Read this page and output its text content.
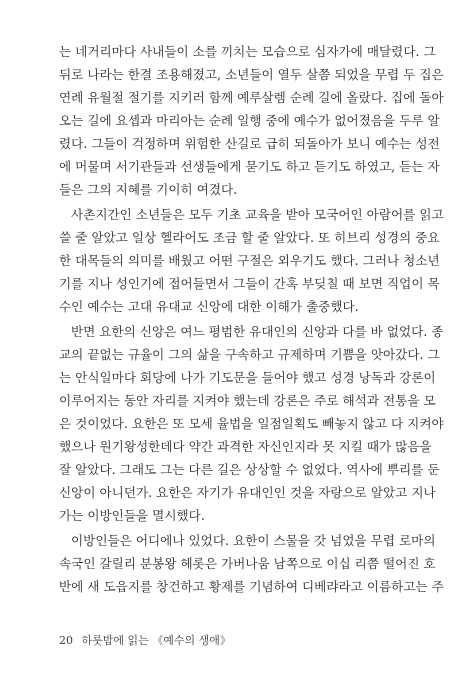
는 네거리마다 사내들이 소를 끼치는 모습으로 심자가에 매달렸다. 그
뒤로 나라는 한결 조용해졌고, 소년들이 열두 살쯤 되었을 무렵 두 집은
연례 유월절 절기를 지키러 함께 예루살렘 순례 길에 올랐다. 집에 돌아
오는 길에 요셉과 마리아는 순례 일행 중에 예수가 없어졌음을 두루 알
렸다. 그들이 걱정하며 위험한 산길로 급히 되돌아가 보니 예수는 성전
에 머물며 서기관들과 선생들에게 묻기도 하고 듣기도 하였고, 듣는 자
들은 그의 지혜를 기이히 여겼다.
사촌지간인 소년들은 모두 기초 교육을 받아 모국어인 아람어를 읽고
쓸 줄 알았고 일상 헬라어도 조금 할 줄 알았다. 또 히브리 성경의 중요
한 대목들의 의미를 배웠고 어떤 구절은 외우기도 했다. 그러나 청소년
기를 지나 성인기에 접어들면서 그들이 간혹 부딪칠 때 보면 직업이 목
수인 예수는 고대 유대교 신앙에 대한 이해가 출중했다.
반면 요한의 신앙은 여느 평범한 유대인의 신앙과 다를 바 없었다. 종
교의 끝없는 규율이 그의 삶을 구속하고 규제하며 기쁨을 앗아갔다. 그
는 안식일마다 회당에 나가 기도문을 들어야 했고 성경 낭독과 강론이
이루어지는 동안 자리를 지켜야 했는데 강론은 주로 해석과 전통을 모
은 것이었다. 요한은 또 모세 율법을 일점일획도 빼놓지 않고 다 지켜야
했으나 원기왕성한데다 약간 과격한 자신인지라 못 지킬 때가 많음을
잘 알았다. 그래도 그는 다른 길은 상상할 수 없었다. 역사에 뿌리를 둔
신앙이 아니던가. 요한은 자기가 유대인인 것을 자랑으로 알았고 지나
가는 이방인들을 멸시했다.
이방인들은 어디에나 있었다. 요한이 스물을 갓 넘었을 무렵 로마의
속국인 갈릴리 분봉왕 헤롯은 가버나움 남쪽으로 이십 리쯤 떨어진 호
반에 새 도읍지를 창건하고 황제를 기념하여 디베랴라고 이름하고는 주
20 하룻밤에 읽는 《예수의 생애》
